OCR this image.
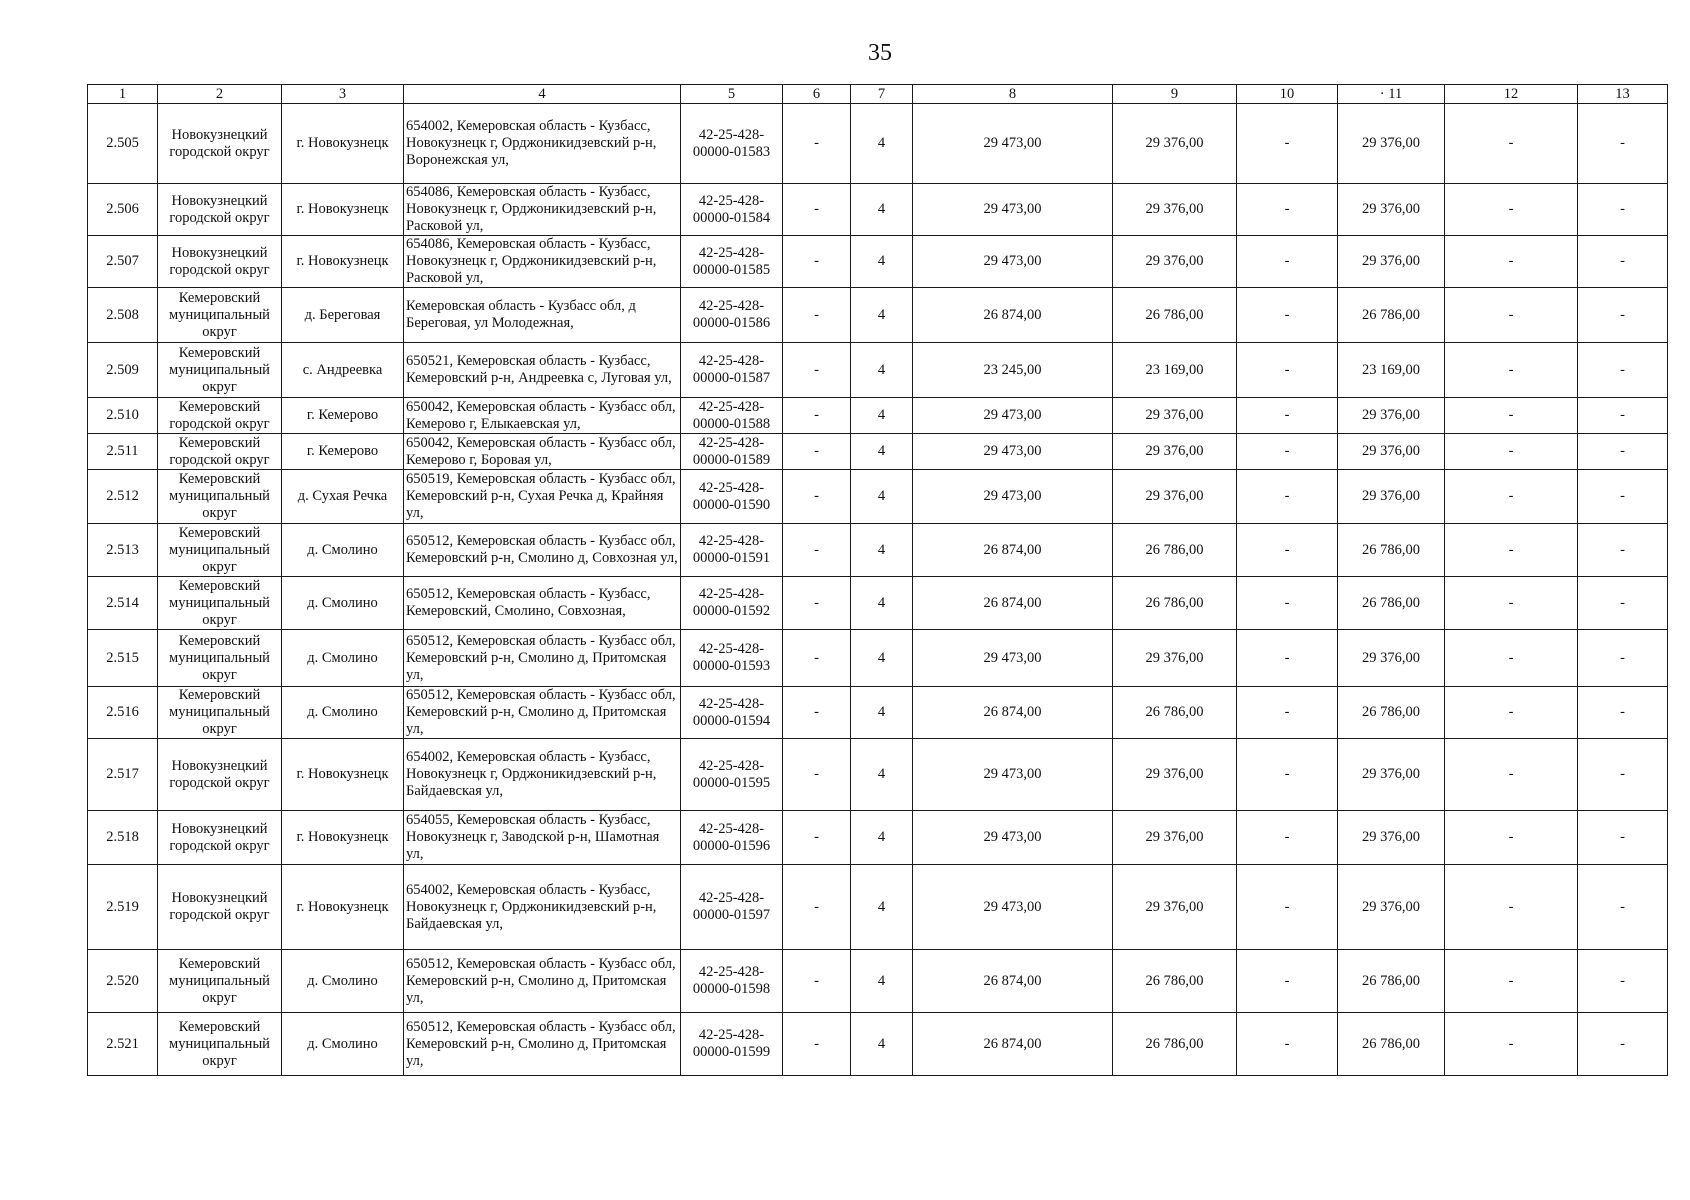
35
1	2	3	4	5	6	7	8	9	10	· 11	12	13
2.505	Новокузнецкий городской округ	г. Новокузнецк	654002, Кемеровская область - Кузбасс, Новокузнецк г, Орджоникидзевский р-н, Воронежская ул,	42-25-428-00000-01583	-	4	29 473,00	29 376,00	-	29 376,00	-	-
2.506	Новокузнецкий городской округ	г. Новокузнецк	654086, Кемеровская область - Кузбасс, Новокузнецк г, Орджоникидзевский р-н, Расковой ул,	42-25-428-00000-01584	-	4	29 473,00	29 376,00	-	29 376,00	-	-
2.507	Новокузнецкий городской округ	г. Новокузнецк	654086, Кемеровская область - Кузбасс, Новокузнецк г, Орджоникидзевский р-н, Расковой ул,	42-25-428-00000-01585	-	4	29 473,00	29 376,00	-	29 376,00	-	-
2.508	Кемеровский муниципальный округ	д. Береговая	Кемеровская область - Кузбасс обл, д Береговая, ул Молодежная,	42-25-428-00000-01586	-	4	26 874,00	26 786,00	-	26 786,00	-	-
2.509	Кемеровский муниципальный округ	с. Андреевка	650521, Кемеровская область - Кузбасс, Кемеровский р-н, Андреевка с, Луговая ул,	42-25-428-00000-01587	-	4	23 245,00	23 169,00	-	23 169,00	-	-
2.510	Кемеровский городской округ	г. Кемерово	650042, Кемеровская область - Кузбасс обл, Кемерово г, Елыкаевская ул,	42-25-428-00000-01588	-	4	29 473,00	29 376,00	-	29 376,00	-	-
2.511	Кемеровский городской округ	г. Кемерово	650042, Кемеровская область - Кузбасс обл, Кемерово г, Боровая ул,	42-25-428-00000-01589	-	4	29 473,00	29 376,00	-	29 376,00	-	-
2.512	Кемеровский муниципальный округ	д. Сухая Речка	650519, Кемеровская область - Кузбасс обл, Кемеровский р-н, Сухая Речка д, Крайняя ул,	42-25-428-00000-01590	-	4	29 473,00	29 376,00	-	29 376,00	-	-
2.513	Кемеровский муниципальный округ	д. Смолино	650512, Кемеровская область - Кузбасс обл, Кемеровский р-н, Смолино д, Совхозная ул,	42-25-428-00000-01591	-	4	26 874,00	26 786,00	-	26 786,00	-	-
2.514	Кемеровский муниципальный округ	д. Смолино	650512, Кемеровская область - Кузбасс, Кемеровский, Смолино, Совхозная,	42-25-428-00000-01592	-	4	26 874,00	26 786,00	-	26 786,00	-	-
2.515	Кемеровский муниципальный округ	д. Смолино	650512, Кемеровская область - Кузбасс обл, Кемеровский р-н, Смолино д, Притомская ул,	42-25-428-00000-01593	-	4	29 473,00	29 376,00	-	29 376,00	-	-
2.516	Кемеровский муниципальный округ	д. Смолино	650512, Кемеровская область - Кузбасс обл, Кемеровский р-н, Смолино д, Притомская ул,	42-25-428-00000-01594	-	4	26 874,00	26 786,00	-	26 786,00	-	-
2.517	Новокузнецкий городской округ	г. Новокузнецк	654002, Кемеровская область - Кузбасс, Новокузнецк г, Орджоникидзевский р-н, Байдаевская ул,	42-25-428-00000-01595	-	4	29 473,00	29 376,00	-	29 376,00	-	-
2.518	Новокузнецкий городской округ	г. Новокузнецк	654055, Кемеровская область - Кузбасс, Новокузнецк г, Заводской р-н, Шамотная ул,	42-25-428-00000-01596	-	4	29 473,00	29 376,00	-	29 376,00	-	-
2.519	Новокузнецкий городской округ	г. Новокузнецк	654002, Кемеровская область - Кузбасс, Новокузнецк г, Орджоникидзевский р-н, Байдаевская ул,	42-25-428-00000-01597	-	4	29 473,00	29 376,00	-	29 376,00	-	-
2.520	Кемеровский муниципальный округ	д. Смолино	650512, Кемеровская область - Кузбасс обл, Кемеровский р-н, Смолино д, Притомская ул,	42-25-428-00000-01598	-	4	26 874,00	26 786,00	-	26 786,00	-	-
2.521	Кемеровский муниципальный округ	д. Смолино	650512, Кемеровская область - Кузбасс обл, Кемеровский р-н, Смолино д, Притомская ул,	42-25-428-00000-01599	-	4	26 874,00	26 786,00	-	26 786,00	-	-
